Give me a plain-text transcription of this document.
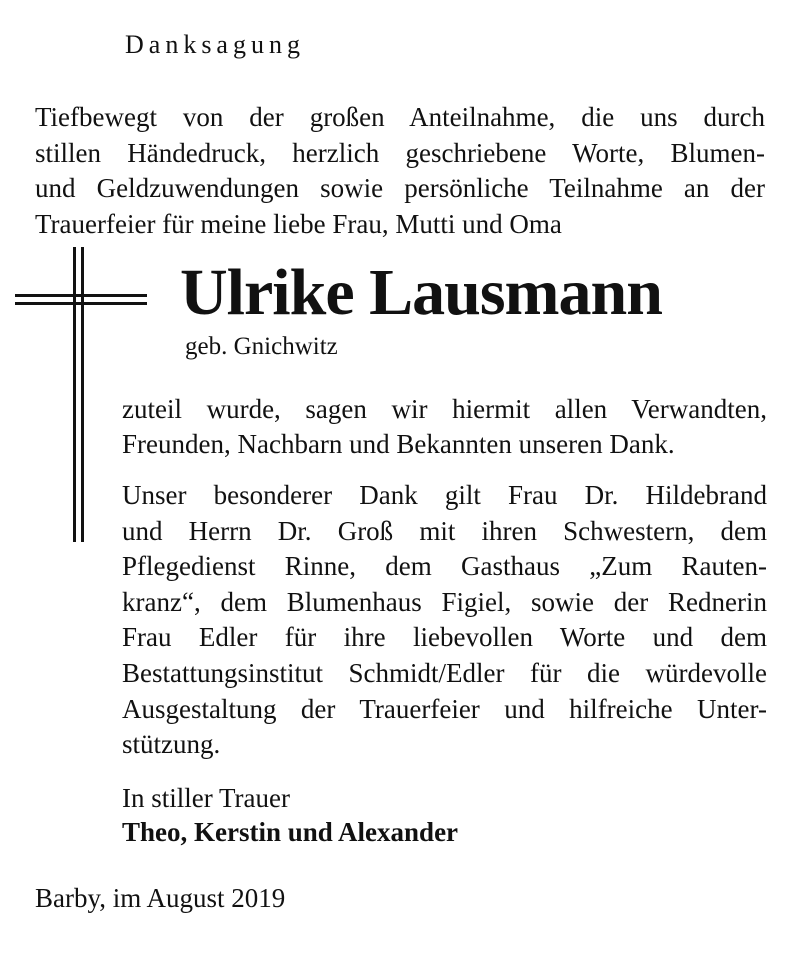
Danksagung
Tiefbewegt von der großen Anteilnahme, die uns durch
stillen Händedruck, herzlich geschriebene Worte, Blumen-
und Geldzuwendungen sowie persönliche Teilnahme an der
Trauerfeier für meine liebe Frau, Mutti und Oma
Ulrike Lausmann
geb. Gnichwitz
zuteil wurde, sagen wir hiermit allen Verwandten,
Freunden, Nachbarn und Bekannten unseren Dank.
Unser besonderer Dank gilt Frau Dr. Hildebrand
und Herrn Dr. Groß mit ihren Schwestern, dem
Pflegedienst Rinne, dem Gasthaus „Zum Rauten-
kranz“, dem Blumenhaus Figiel, sowie der Rednerin
Frau Edler für ihre liebevollen Worte und dem
Bestattungsinstitut Schmidt/Edler für die würdevolle
Ausgestaltung der Trauerfeier und hilfreiche Unter-
stützung.
In stiller Trauer
Theo, Kerstin und Alexander
Barby, im August 2019
